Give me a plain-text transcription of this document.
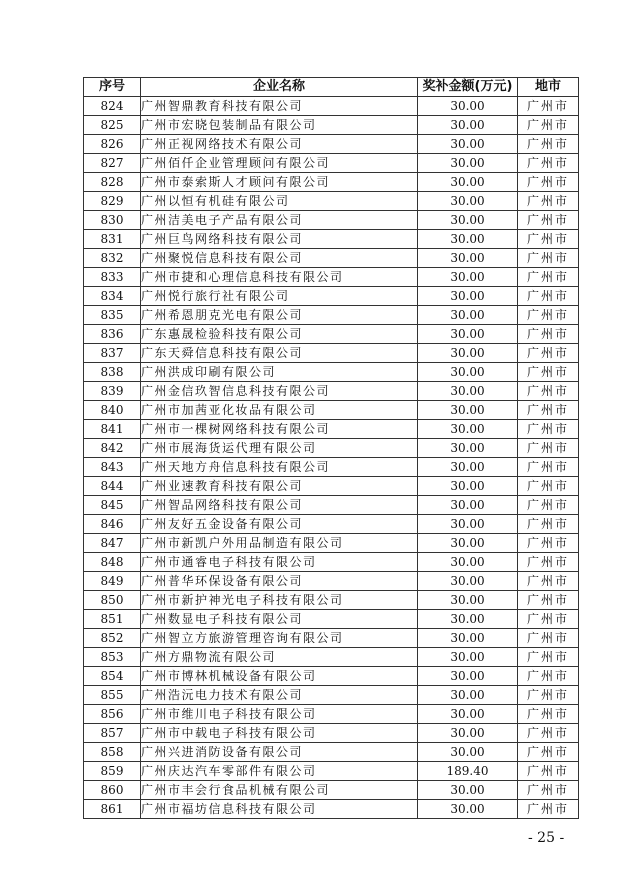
序号	企业名称	奖补金额(万元)	地市
824	广州智鼎教育科技有限公司	30.00	广州市
825	广州市宏晓包装制品有限公司	30.00	广州市
826	广州正视网络技术有限公司	30.00	广州市
827	广州佰仟企业管理顾问有限公司	30.00	广州市
828	广州市泰索斯人才顾问有限公司	30.00	广州市
829	广州以恒有机硅有限公司	30.00	广州市
830	广州洁美电子产品有限公司	30.00	广州市
831	广州巨鸟网络科技有限公司	30.00	广州市
832	广州聚悦信息科技有限公司	30.00	广州市
833	广州市捷和心理信息科技有限公司	30.00	广州市
834	广州悦行旅行社有限公司	30.00	广州市
835	广州希恩朋克光电有限公司	30.00	广州市
836	广东惠晟检验科技有限公司	30.00	广州市
837	广东天舜信息科技有限公司	30.00	广州市
838	广州洪成印刷有限公司	30.00	广州市
839	广州金信玖智信息科技有限公司	30.00	广州市
840	广州市加茜亚化妆品有限公司	30.00	广州市
841	广州市一棵树网络科技有限公司	30.00	广州市
842	广州市展海货运代理有限公司	30.00	广州市
843	广州天地方舟信息科技有限公司	30.00	广州市
844	广州业速教育科技有限公司	30.00	广州市
845	广州智品网络科技有限公司	30.00	广州市
846	广州友好五金设备有限公司	30.00	广州市
847	广州市新凯户外用品制造有限公司	30.00	广州市
848	广州市通睿电子科技有限公司	30.00	广州市
849	广州普华环保设备有限公司	30.00	广州市
850	广州市新护神光电子科技有限公司	30.00	广州市
851	广州数显电子科技有限公司	30.00	广州市
852	广州智立方旅游管理咨询有限公司	30.00	广州市
853	广州方鼎物流有限公司	30.00	广州市
854	广州市博林机械设备有限公司	30.00	广州市
855	广州浩沅电力技术有限公司	30.00	广州市
856	广州市维川电子科技有限公司	30.00	广州市
857	广州市中载电子科技有限公司	30.00	广州市
858	广州兴进消防设备有限公司	30.00	广州市
859	广州庆达汽车零部件有限公司	189.40	广州市
860	广州市丰会行食品机械有限公司	30.00	广州市
861	广州市福坊信息科技有限公司	30.00	广州市
- 25 -
